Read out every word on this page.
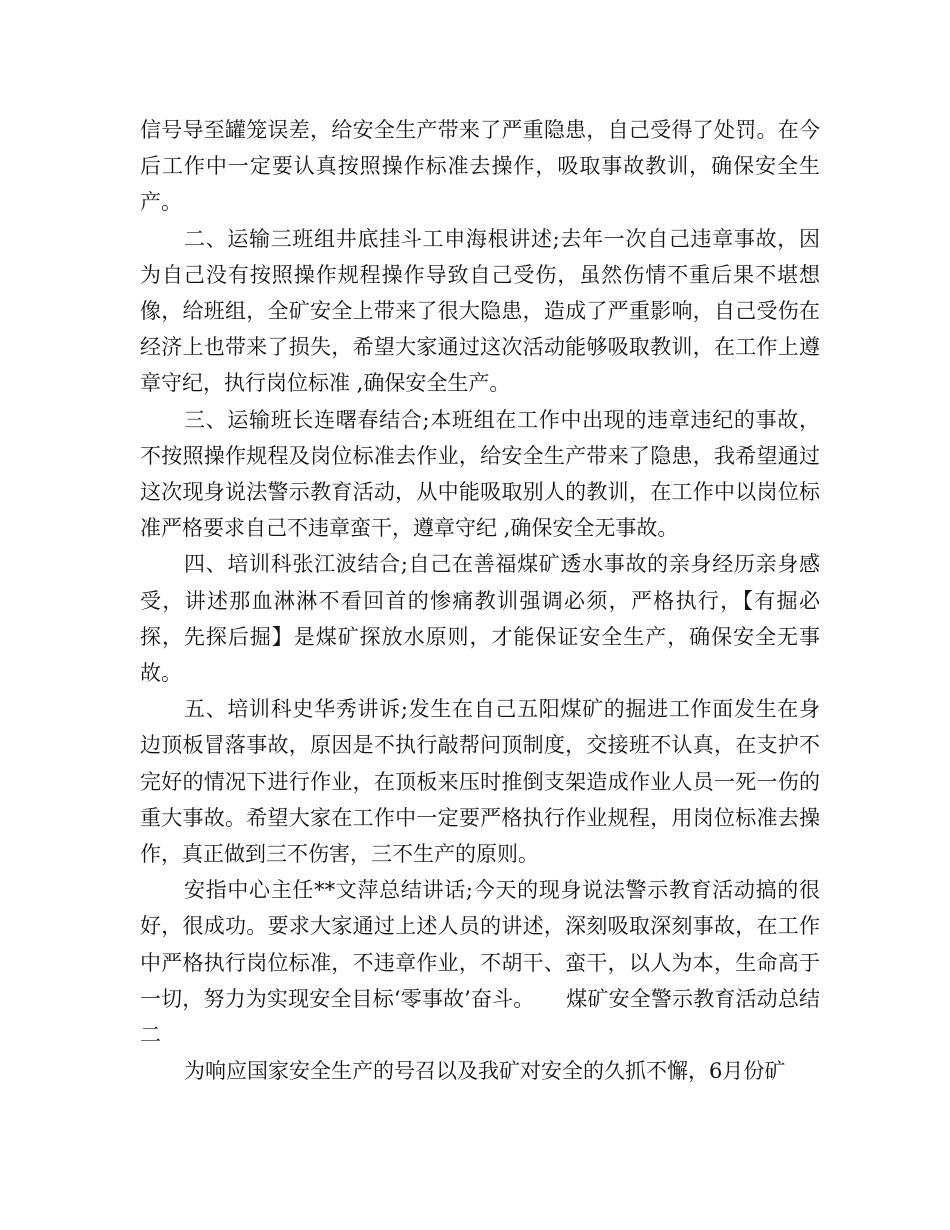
信号导至罐笼误差，给安全生产带来了严重隐患，自己受得了处罚。在今后工作中一定要认真按照操作标准去操作，吸取事故教训，确保安全生产。

二、运输三班组井底挂斗工申海根讲述;去年一次自己违章事故，因为自己没有按照操作规程操作导致自己受伤，虽然伤情不重后果不堪想像，给班组，全矿安全上带来了很大隐患，造成了严重影响，自己受伤在经济上也带来了损失，希望大家通过这次活动能够吸取教训，在工作上遵章守纪，执行岗位标准 ,确保安全生产。

三、运输班长连曙春结合;本班组在工作中出现的违章违纪的事故，不按照操作规程及岗位标准去作业，给安全生产带来了隐患，我希望通过这次现身说法警示教育活动，从中能吸取别人的教训，在工作中以岗位标准严格要求自己不违章蛮干，遵章守纪 ,确保安全无事故。

四、培训科张江波结合;自己在善福煤矿透水事故的亲身经历亲身感受，讲述那血淋淋不看回首的惨痛教训强调必须，严格执行，【有掘必探，先探后掘】是煤矿探放水原则，才能保证安全生产，确保安全无事故。

五、培训科史华秀讲诉;发生在自己五阳煤矿的掘进工作面发生在身边顶板冒落事故，原因是不执行敲帮问顶制度，交接班不认真，在支护不完好的情况下进行作业，在顶板来压时推倒支架造成作业人员一死一伤的重大事故。希望大家在工作中一定要严格执行作业规程，用岗位标准去操作，真正做到三不伤害，三不生产的原则。

安指中心主任**文萍总结讲话;今天的现身说法警示教育活动搞的很好，很成功。要求大家通过上述人员的讲述，深刻吸取深刻事故，在工作中严格执行岗位标准，不违章作业，不胡干、蛮干，以人为本，生命高于一切，努力为实现安全目标‘零事故’奋斗。　　煤矿安全警示教育活动总结二

为响应国家安全生产的号召以及我矿对安全的久抓不懈，6月份矿
